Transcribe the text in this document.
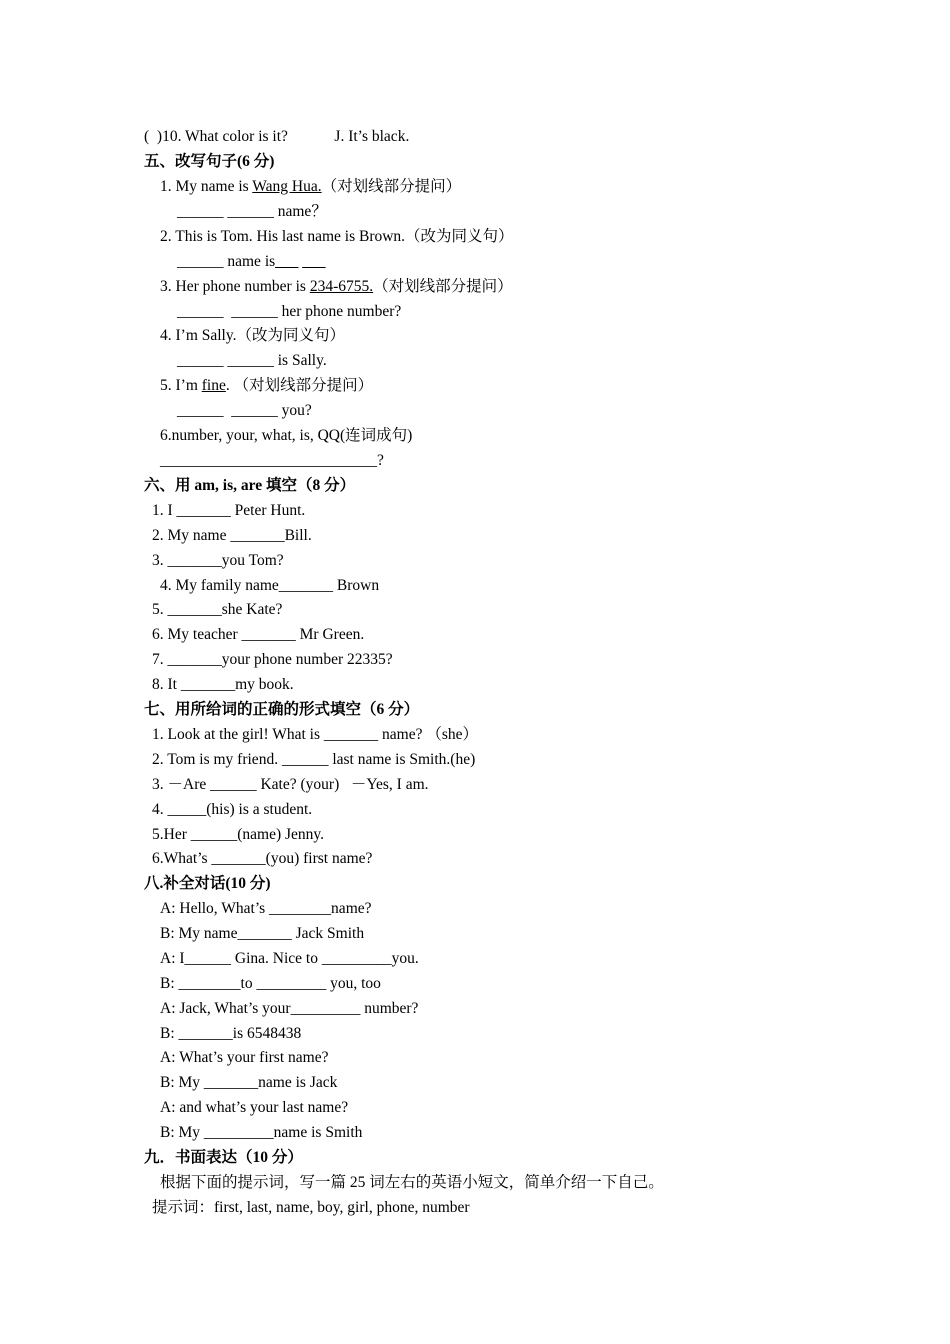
(  )10. What color is it?            J. It’s black.
五、改写句子(6 分)
1. My name is Wang Hua.（对划线部分提问）
______ ______ name？
2. This is Tom. His last name is Brown.（改为同义句）
______ name is___ ___
3. Her phone number is 234-6755.（对划线部分提问）
______  ______ her phone number?
4. I’m Sally.（改为同义句）
______ ______ is Sally.
5. I’m fine. （对划线部分提问）
______  ______ you?
6.number, your, what, is, QQ(连词成句)
____________________________?
六、用 am, is, are 填空（8 分）
1. I _______ Peter Hunt.
2. My name _______Bill.
3. _______you Tom?
4. My family name_______ Brown
5. _______she Kate?
6. My teacher _______ Mr Green.
7. _______your phone number 22335?
8. It _______my book.
七、用所给词的正确的形式填空（6 分）
1. Look at the girl! What is _______ name? （she）
2. Tom is my friend. ______ last name is Smith.(he)
3. －Are ______ Kate? (your)   －Yes, I am.
4. _____(his) is a student.
5.Her ______(name) Jenny.
6.What’s _______(you) first name?
八.补全对话(10 分)
A: Hello, What’s ________name?
B: My name_______ Jack Smith
A: I______ Gina. Nice to _________you.
B: ________to _________ you, too
A: Jack, What’s your_________ number?
B: _______is 6548438
A: What’s your first name?
B: My _______name is Jack
A: and what’s your last name?
B: My _________name is Smith
九．书面表达（10 分）
根据下面的提示词，写一篇 25 词左右的英语小短文，简单介绍一下自己。
提示词：first, last, name, boy, girl, phone, number
